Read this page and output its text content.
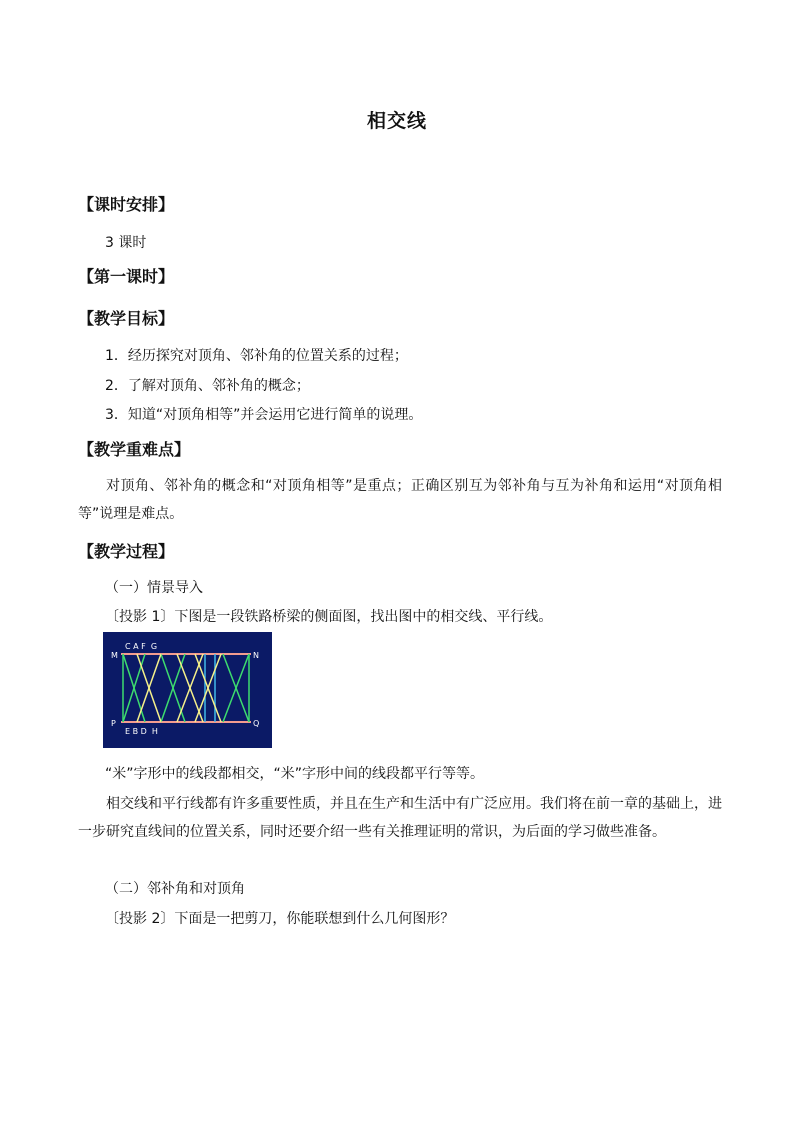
相交线
【课时安排】
3 课时
【第一课时】
【教学目标】
1．经历探究对顶角、邻补角的位置关系的过程；
2．了解对顶角、邻补角的概念；
3．知道“对顶角相等”并会运用它进行简单的说理。
【教学重难点】
对顶角、邻补角的概念和“对顶角相等”是重点；正确区别互为邻补角与互为补角和运用“对顶角相等”说理是难点。
【教学过程】
（一）情景导入
〔投影 1〕下图是一段铁路桥梁的侧面图，找出图中的相交线、平行线。
M	N
P	Q
C A F  G
E B D  H
“米”字形中的线段都相交，“米”字形中间的线段都平行等等。
相交线和平行线都有许多重要性质，并且在生产和生活中有广泛应用。我们将在前一章的基础上，进一步研究直线间的位置关系，同时还要介绍一些有关推理证明的常识，为后面的学习做些准备。
（二）邻补角和对顶角
〔投影 2〕下面是一把剪刀，你能联想到什么几何图形？
